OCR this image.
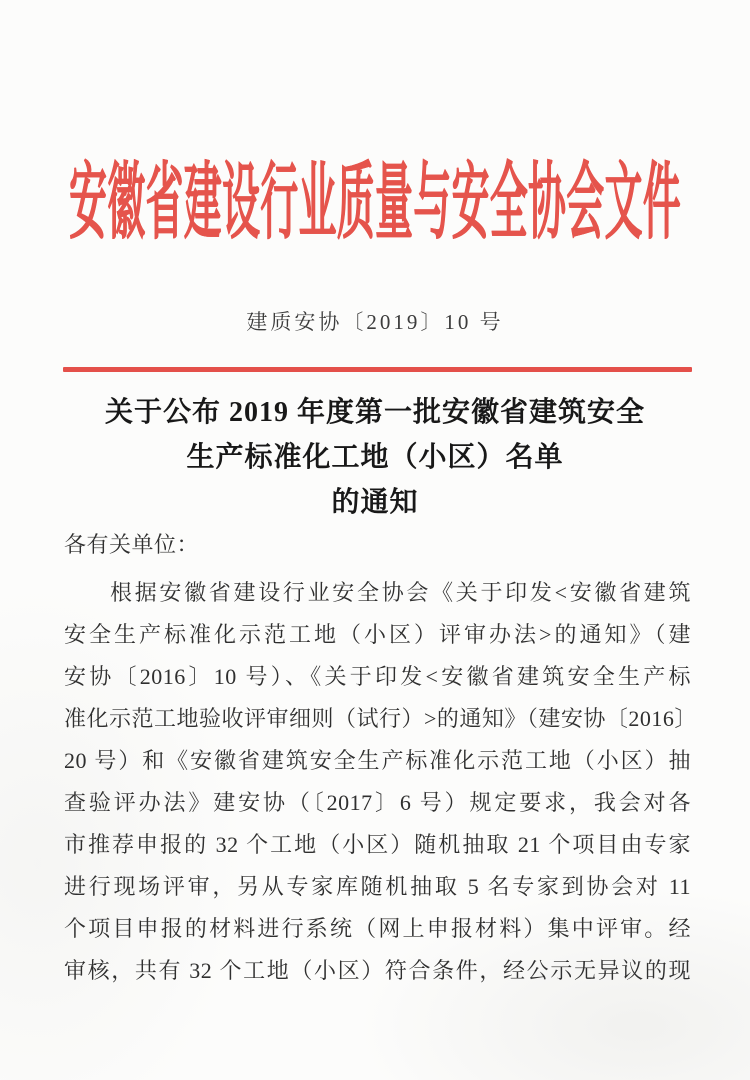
安徽省建设行业质量与安全协会文件
建质安协〔2019〕10 号
关于公布 2019 年度第一批安徽省建筑安全
生产标准化工地（小区）名单
的通知
各有关单位：
根据安徽省建设行业安全协会《关于印发<安徽省建筑
安全生产标准化示范工地（小区）评审办法>的通知》（建
安协〔2016〕10 号）、《关于印发<安徽省建筑安全生产标
准化示范工地验收评审细则（试行）>的通知》（建安协〔2016〕
20 号）和《安徽省建筑安全生产标准化示范工地（小区）抽
查验评办法》建安协（〔2017〕6 号）规定要求，我会对各
市推荐申报的 32 个工地（小区）随机抽取 21 个项目由专家
进行现场评审，另从专家库随机抽取 5 名专家到协会对 11
个项目申报的材料进行系统（网上申报材料）集中评审。经
审核，共有 32 个工地（小区）符合条件，经公示无异议的现
